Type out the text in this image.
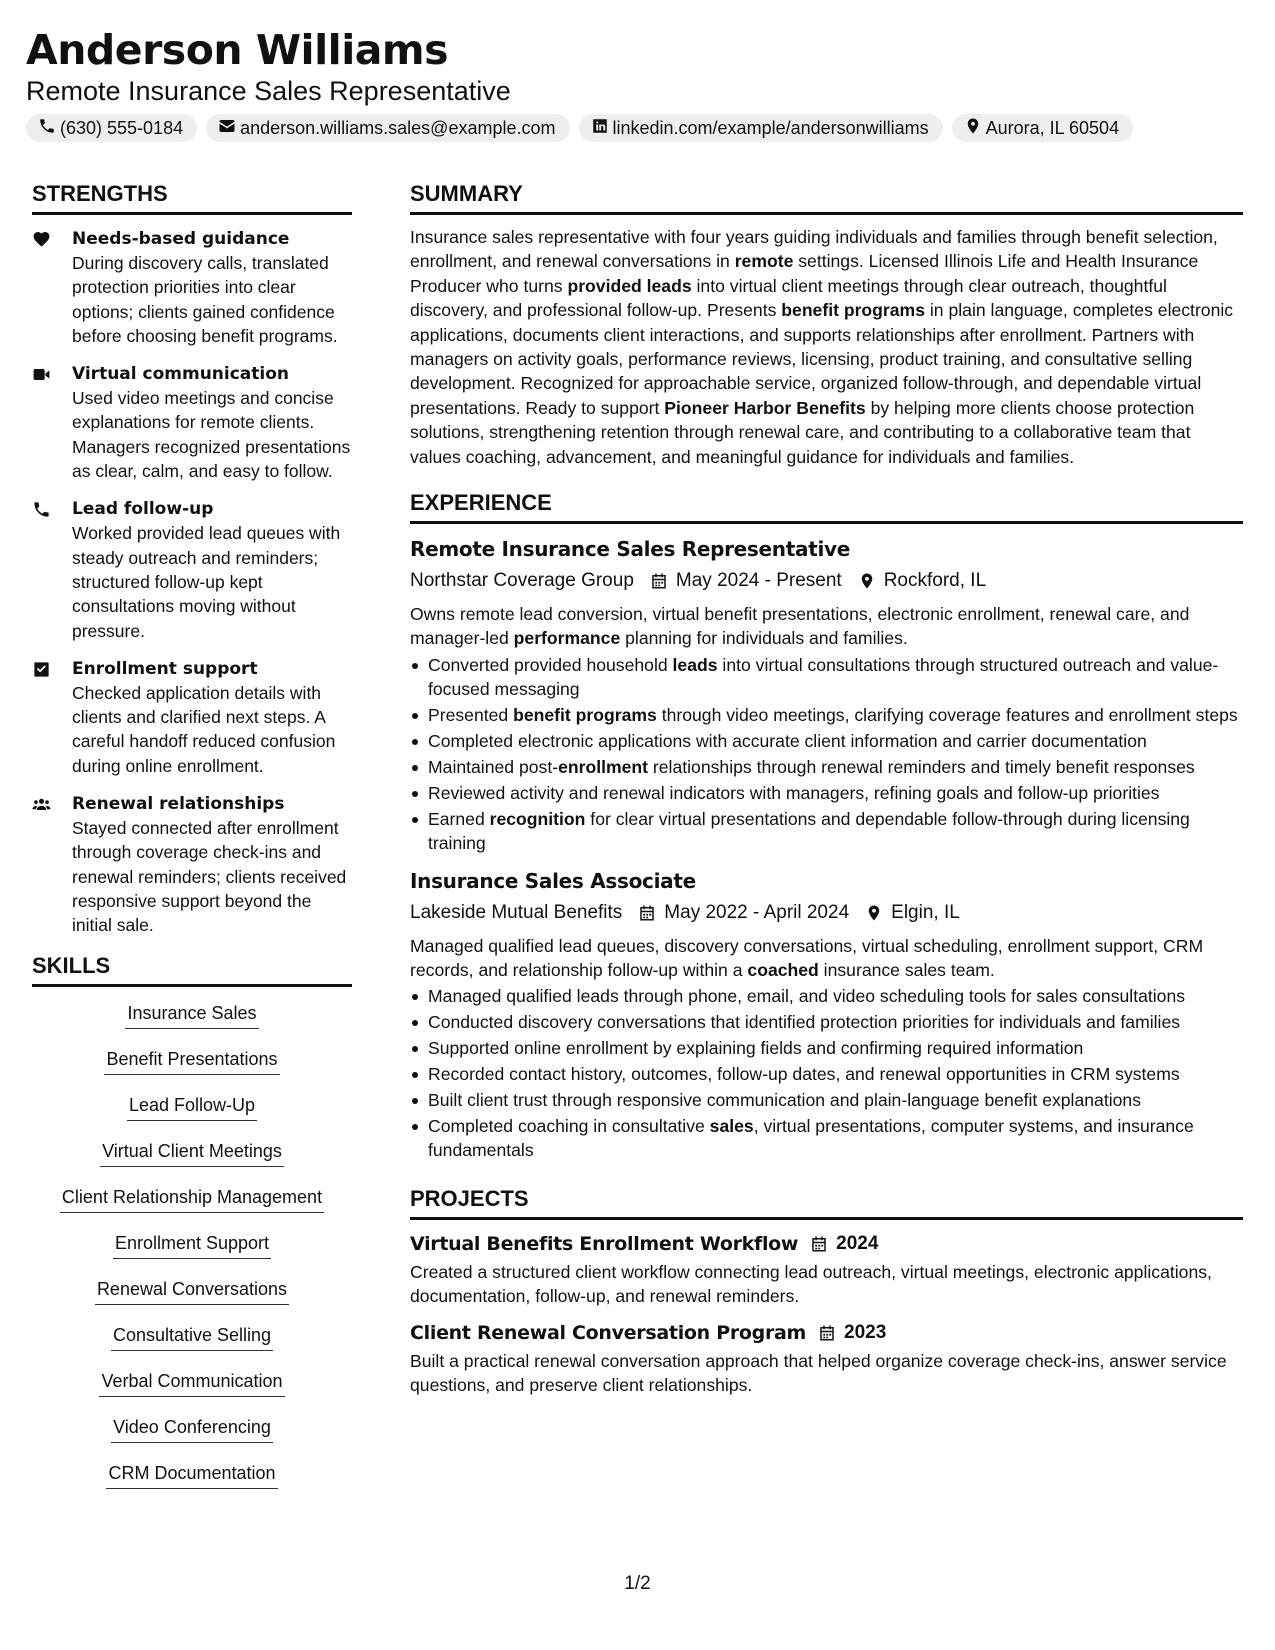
Anderson Williams
Remote Insurance Sales Representative
(630) 555-0184	anderson.williams.sales@example.com	linkedin.com/example/andersonwilliams	Aurora, IL 60504
STRENGTHS
Needs-based guidance
During discovery calls, translated protection priorities into clear options; clients gained confidence before choosing benefit programs.
Virtual communication
Used video meetings and concise explanations for remote clients. Managers recognized presentations as clear, calm, and easy to follow.
Lead follow-up
Worked provided lead queues with steady outreach and reminders; structured follow-up kept consultations moving without pressure.
Enrollment support
Checked application details with clients and clarified next steps. A careful handoff reduced confusion during online enrollment.
Renewal relationships
Stayed connected after enrollment through coverage check-ins and renewal reminders; clients received responsive support beyond the initial sale.
SKILLS
Insurance Sales
Benefit Presentations
Lead Follow-Up
Virtual Client Meetings
Client Relationship Management
Enrollment Support
Renewal Conversations
Consultative Selling
Verbal Communication
Video Conferencing
CRM Documentation
SUMMARY

Insurance sales representative with four years guiding individuals and families through benefit selection, enrollment, and renewal conversations in remote settings. Licensed Illinois Life and Health Insurance Producer who turns provided leads into virtual client meetings through clear outreach, thoughtful discovery, and professional follow-up. Presents benefit programs in plain language, completes electronic applications, documents client interactions, and supports relationships after enrollment. Partners with managers on activity goals, performance reviews, licensing, product training, and consultative selling development. Recognized for approachable service, organized follow-through, and dependable virtual presentations. Ready to support Pioneer Harbor Benefits by helping more clients choose protection solutions, strengthening retention through renewal care, and contributing to a collaborative team that values coaching, advancement, and meaningful guidance for individuals and families.

EXPERIENCE
Remote Insurance Sales Representative
Northstar Coverage Group May 2024 - Present Rockford, IL

Owns remote lead conversion, virtual benefit presentations, electronic enrollment, renewal care, and manager-led performance planning for individuals and families.

Converted provided household leads into virtual consultations through structured outreach and value-focused messaging
Presented benefit programs through video meetings, clarifying coverage features and enrollment steps
Completed electronic applications with accurate client information and carrier documentation
Maintained post-enrollment relationships through renewal reminders and timely benefit responses
Reviewed activity and renewal indicators with managers, refining goals and follow-up priorities
Earned recognition for clear virtual presentations and dependable follow-through during licensing training
Insurance Sales Associate
Lakeside Mutual Benefits May 2022 - April 2024 Elgin, IL

Managed qualified lead queues, discovery conversations, virtual scheduling, enrollment support, CRM records, and relationship follow-up within a coached insurance sales team.

Managed qualified leads through phone, email, and video scheduling tools for sales consultations
Conducted discovery conversations that identified protection priorities for individuals and families
Supported online enrollment by explaining fields and confirming required information
Recorded contact history, outcomes, follow-up dates, and renewal opportunities in CRM systems
Built client trust through responsive communication and plain-language benefit explanations
Completed coaching in consultative sales, virtual presentations, computer systems, and insurance fundamentals
PROJECTS
Virtual Benefits Enrollment Workflow 2024

Created a structured client workflow connecting lead outreach, virtual meetings, electronic applications, documentation, follow-up, and renewal reminders.

Client Renewal Conversation Program 2023

Built a practical renewal conversation approach that helped organize coverage check-ins, answer service questions, and preserve client relationships.

1/2
